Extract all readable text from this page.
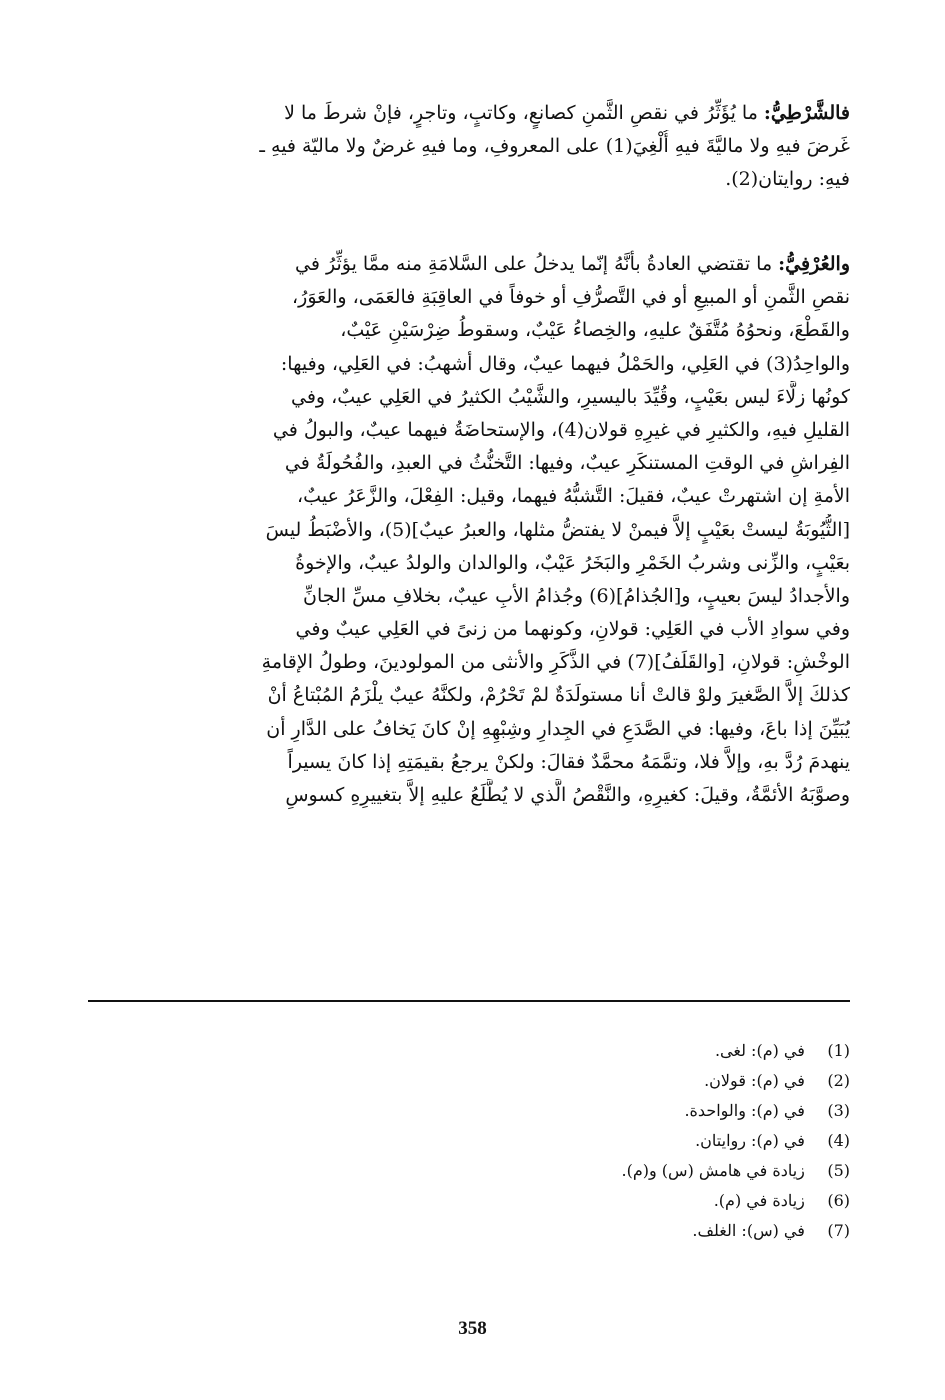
فالشَّرْطِيُّ: ما يُؤَثِّرُ في نقصِ الثَّمنِ كصانعٍ، وكاتبٍ، وتاجرٍ، فإنْ شرطَ ما لا
غَرضَ فيهِ ولا ماليَّةَ فيهِ أُلْغِيَ(1) على المعروفِ، وما فيهِ غرضٌ ولا ماليّة فيهِ ـ
فيهِ: روايتان(2).
والعُرْفِيُّ: ما تقتضي العادةُ بأنَّهُ إنّما يدخلُ على السَّلامَةِ منه ممَّا يؤثِّرُ في
نقصِ الثَّمنِ أو المبيعِ أو في التَّصرُّفِ أو خوفاً في العاقِبَةِ فالعَمَى، والعَوَرُ،
والقَطْعَ، ونحوُهُ مُتَّفَقٌ عليهِ، والخِصاءُ عَيْبٌ، وسقوطُ ضِرْسَيْنِ عَيْبٌ،
والواحِدُ(3) في العَلِي، والحَمْلُ فيهما عيبٌ، وقال أشهبُ: في العَلِي، وفيها:
كونُها زلَّاءَ ليس بعَيْبٍ، وقُيِّدَ باليسيرِ، والشَّيْبُ الكثيرُ في العَلِي عيبٌ، وفي
القليلِ فيهِ، والكثيرِ في غيرِهِ قولان(4)، والإستحاضَةُ فيهما عيبٌ، والبولُ في
الفِراشِ في الوقتِ المستنكَرِ عيبٌ، وفيها: التَّخنُّثُ في العبدِ، والفُحُولَةُ في
الأمةِ إن اشتهرتْ عيبٌ، فقيلَ: التَّشبُّهُ فيهما، وقيل: الفِعْلَ، والزَّعَرُ عيبٌ،
[الثُّيُوبَةُ ليستْ بعَيْبٍ إلاَّ فيمنْ لا يفتضُّ مثلها، والعبرُ عيبٌ](5)، والأضْبَطُ ليسَ
بعَيْبٍ، والزِّنى وشربُ الخَمْرِ والبَخَرُ عَيْبٌ، والوالدان والولدُ عيبٌ، والإخوةُ
والأجدادُ ليسَ بعيبٍ، و[الجُذامُ](6) وجُذامُ الأبِ عيبٌ، بخلافِ مسِّ الجانِّ
وفي سوادِ الأب في العَلِي: قولانِ، وكونهما من زنىً في العَلِي عيبٌ وفي
الوخْشِ: قولانِ، [والقَلَفُ](7) في الذَّكَرِ والأنثى من المولودينَ، وطولُ الإقامةِ
كذلكَ إلاَّ الصَّغيرَ ولوْ قالتْ أنا مستولَدَةٌ لمْ تَحْرُمْ، ولكنَّهُ عيبٌ يلْزَمُ المُبْتاعُ أنْ
يُبَيِّنَ إذا باعَ، وفيها: في الصَّدَعِ في الجِدارِ وشِبْهِهِ إنْ كانَ يَخافُ على الدَّارِ أن
ينهدمَ رُدَّ بهِ، وإلاَّ فلا، وتمَّمَهُ محمَّدٌ فقالَ: ولكنْ يرجعُ بقيمَتِهِ إذا كانَ يسيراً
وصوَّبَهُ الأئمَّةُ، وقيلَ: كغيرِهِ، والنَّقْصُ الَّذي لا يُطَّلَعُ عليهِ إلاَّ بتغييرِهِ كسوسِ
(1) في (م): لغى.
(2) في (م): قولان.
(3) في (م): والواحدة.
(4) في (م): روايتان.
(5) زيادة في هامش (س) و(م).
(6) زيادة في (م).
(7) في (س): الغلف.
358
